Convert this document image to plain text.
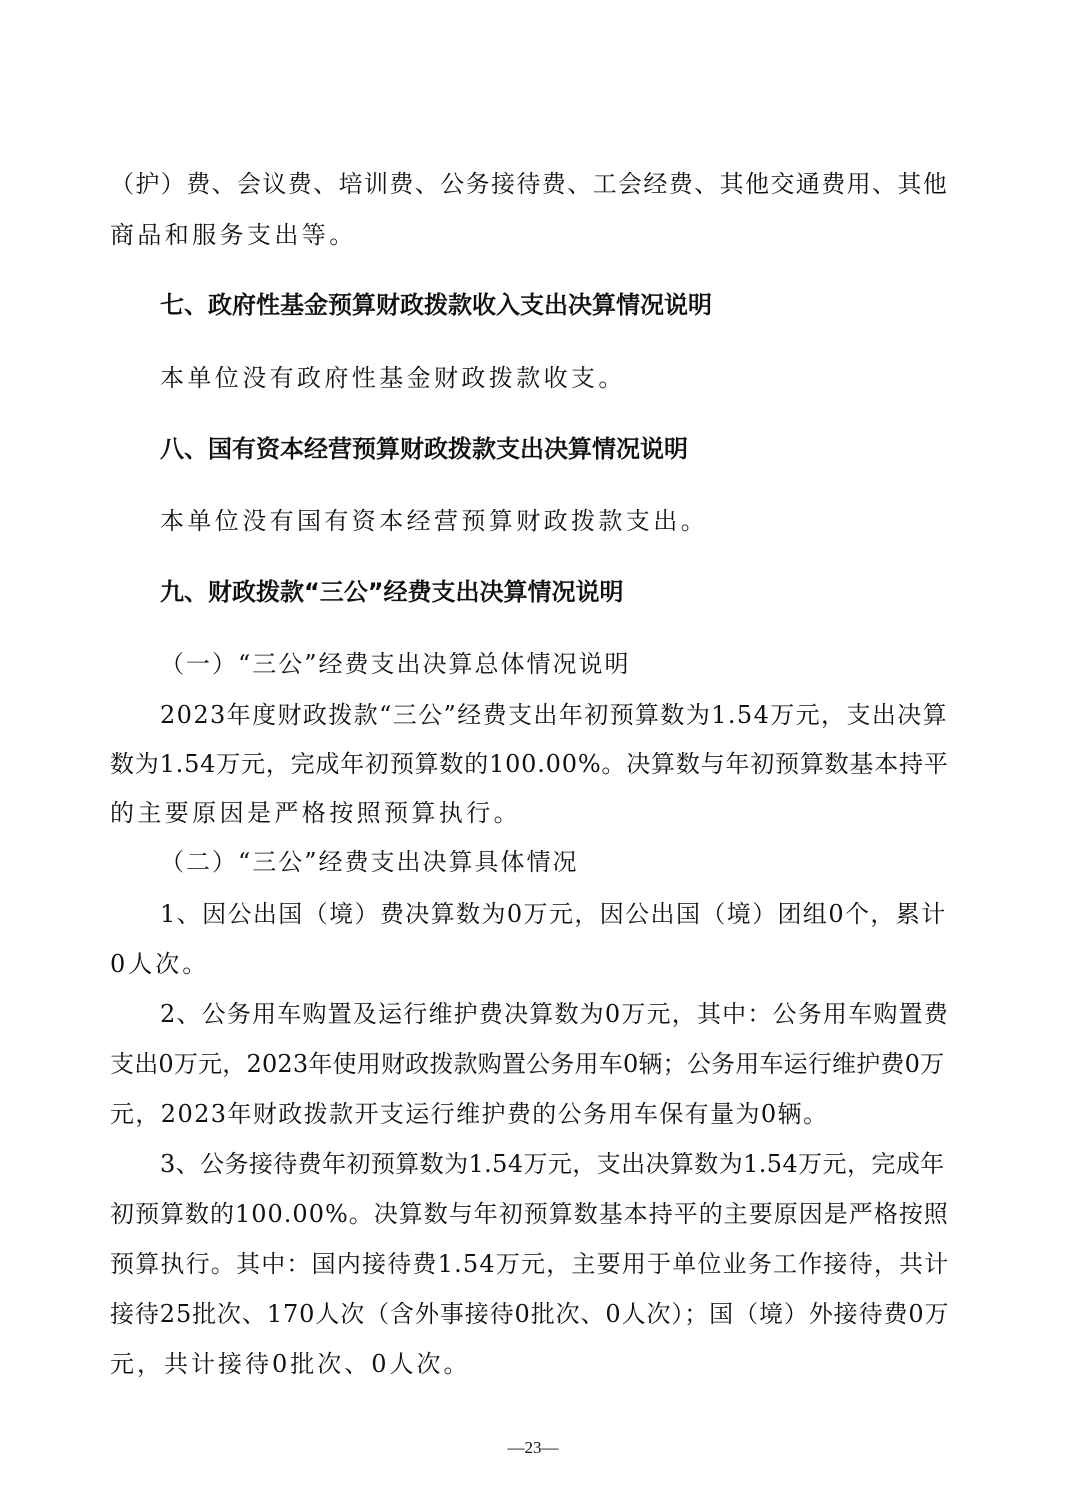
（护）费、会议费、培训费、公务接待费、工会经费、其他交通费用、其他

商品和服务支出等。

七、政府性基金预算财政拨款收入支出决算情况说明

本单位没有政府性基金财政拨款收支。

八、国有资本经营预算财政拨款支出决算情况说明

本单位没有国有资本经营预算财政拨款支出。

九、财政拨款“三公”经费支出决算情况说明

（一）“三公”经费支出决算总体情况说明

2023年度财政拨款“三公”经费支出年初预算数为1.54万元，支出决算

数为1.54万元，完成年初预算数的100.00%。决算数与年初预算数基本持平

的主要原因是严格按照预算执行。

（二）“三公”经费支出决算具体情况

1、因公出国（境）费决算数为0万元，因公出国（境）团组0个，累计

0人次。

2、公务用车购置及运行维护费决算数为0万元，其中：公务用车购置费

支出0万元，2023年使用财政拨款购置公务用车0辆；公务用车运行维护费0万

元，2023年财政拨款开支运行维护费的公务用车保有量为0辆。

3、公务接待费年初预算数为1.54万元，支出决算数为1.54万元，完成年

初预算数的100.00%。决算数与年初预算数基本持平的主要原因是严格按照

预算执行。其中：国内接待费1.54万元，主要用于单位业务工作接待，共计

接待25批次、170人次（含外事接待0批次、0人次）；国（境）外接待费0万

元，共计接待0批次、0人次。

—23—
